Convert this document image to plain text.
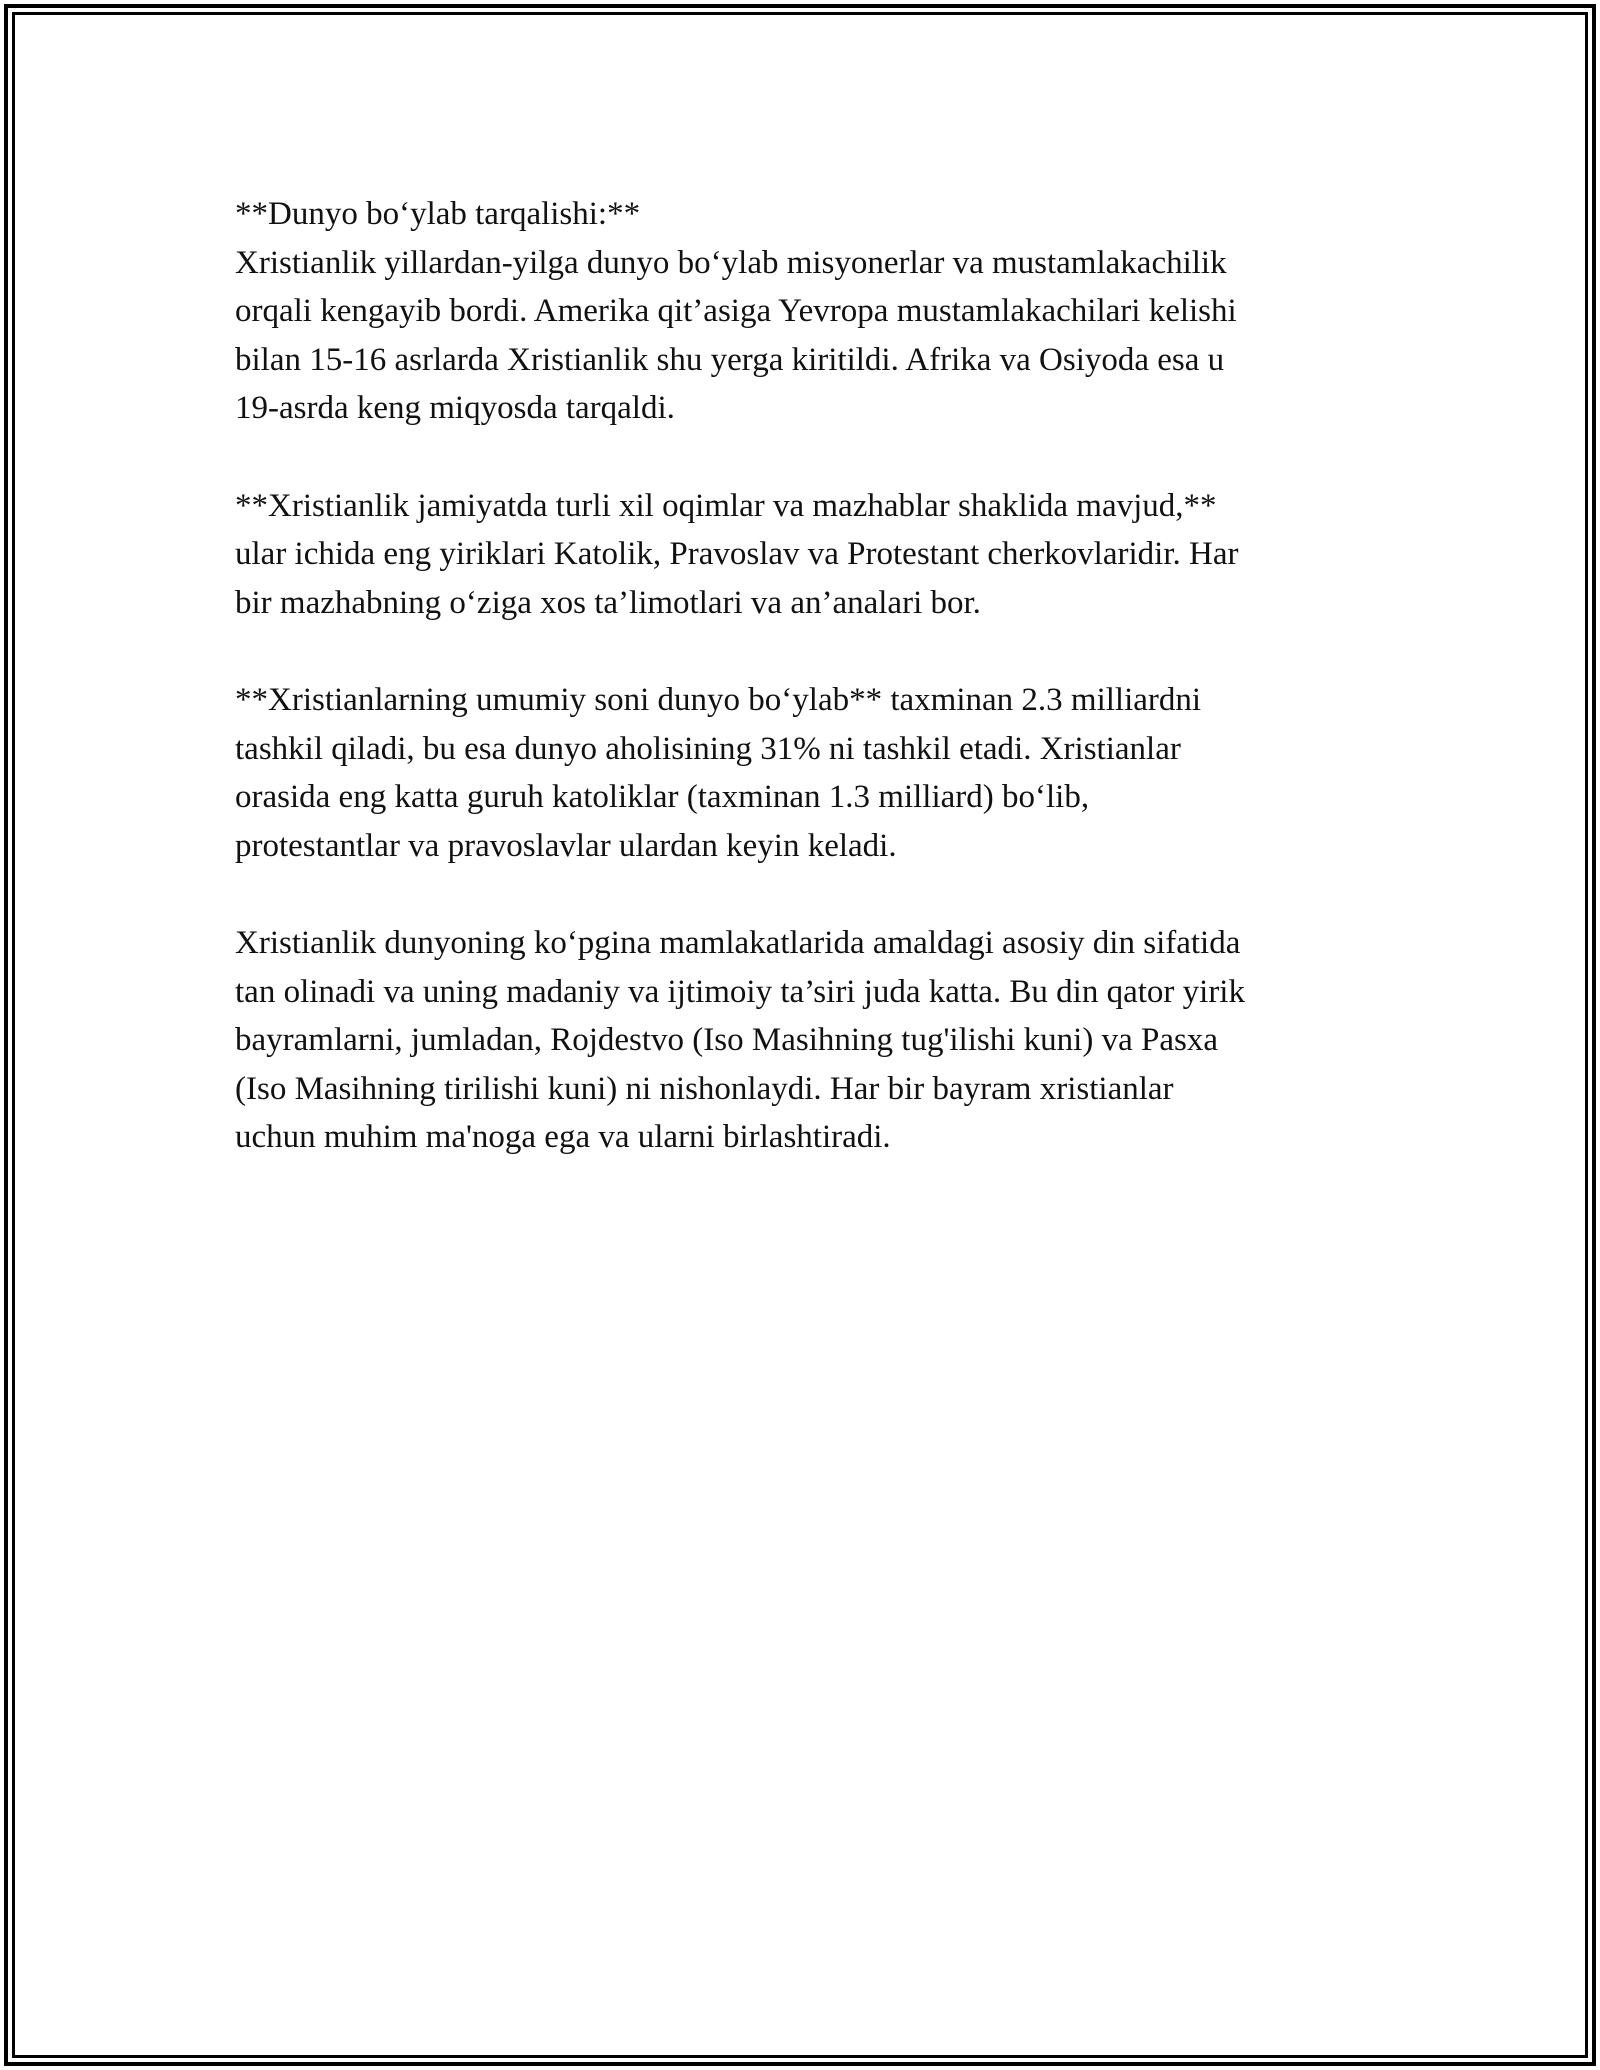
**Dunyo bo‘ylab tarqalishi:**
Xristianlik yillardan-yilga dunyo bo‘ylab misyonerlar va mustamlakachilik
orqali kengayib bordi. Amerika qit’asiga Yevropa mustamlakachilari kelishi
bilan 15-16 asrlarda Xristianlik shu yerga kiritildi. Afrika va Osiyoda esa u
19-asrda keng miqyosda tarqaldi.

**Xristianlik jamiyatda turli xil oqimlar va mazhablar shaklida mavjud,**
ular ichida eng yiriklari Katolik, Pravoslav va Protestant cherkovlaridir. Har
bir mazhabning o‘ziga xos ta’limotlari va an’analari bor.

**Xristianlarning umumiy soni dunyo bo‘ylab** taxminan 2.3 milliardni
tashkil qiladi, bu esa dunyo aholisining 31% ni tashkil etadi. Xristianlar
orasida eng katta guruh katoliklar (taxminan 1.3 milliard) bo‘lib,
protestantlar va pravoslavlar ulardan keyin keladi.

Xristianlik dunyoning ko‘pgina mamlakatlarida amaldagi asosiy din sifatida
tan olinadi va uning madaniy va ijtimoiy ta’siri juda katta. Bu din qator yirik
bayramlarni, jumladan, Rojdestvo (Iso Masihning tug'ilishi kuni) va Pasxa
(Iso Masihning tirilishi kuni) ni nishonlaydi. Har bir bayram xristianlar
uchun muhim ma'noga ega va ularni birlashtiradi.
